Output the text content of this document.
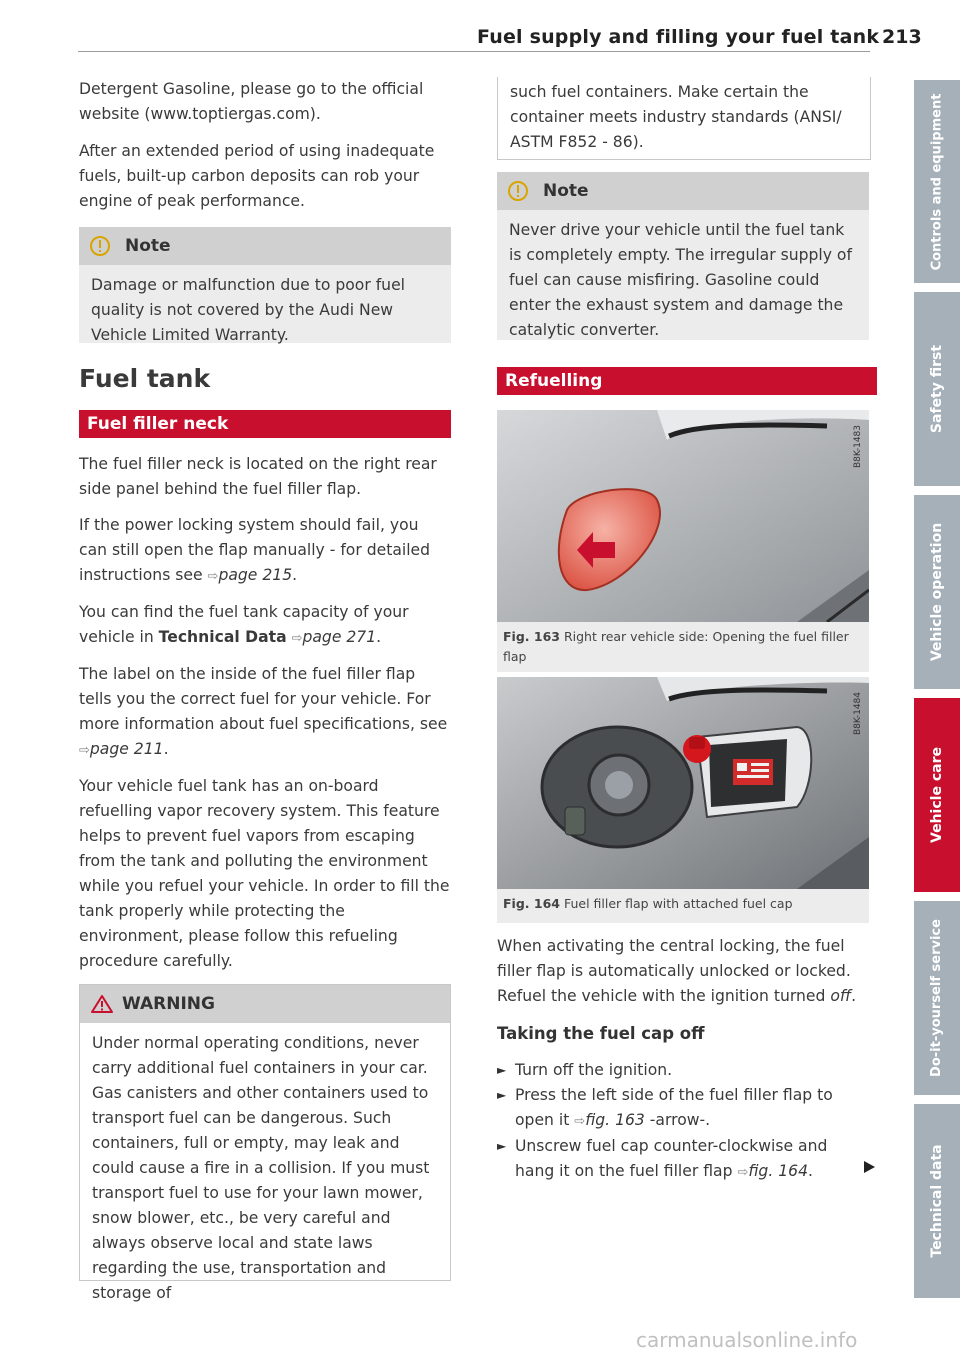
Fuel supply and filling your fuel tank 213

Detergent Gasoline, please go to the official website (www.toptiergas.com).

After an extended period of using inadequate fuels, built-up carbon deposits can rob your engine of peak performance.

Note
Damage or malfunction due to poor fuel quality is not covered by the Audi New Vehicle Limited Warranty.
Fuel tank
Fuel filler neck

The fuel filler neck is located on the right rear side panel behind the fuel filler flap.

If the power locking system should fail, you can still open the flap manually - for detailed instructions see ⇨page 215.

You can find the fuel tank capacity of your vehicle in Technical Data ⇨page 271.

The label on the inside of the fuel filler flap tells you the correct fuel for your vehicle. For more information about fuel specifications, see ⇨page 211.

Your vehicle fuel tank has an on-board refuelling vapor recovery system. This feature helps to prevent fuel vapors from escaping from the tank and polluting the environment while you refuel your vehicle. In order to fill the tank properly while protecting the environment, please follow this refueling procedure carefully.

WARNING
Under normal operating conditions, never carry additional fuel containers in your car. Gas canisters and other containers used to transport fuel can be dangerous. Such containers, full or empty, may leak and could cause a fire in a collision. If you must transport fuel to use for your lawn mower, snow blower, etc., be very careful and always observe local and state laws regarding the use, transportation and storage of
such fuel containers. Make certain the container meets industry standards (ANSI/ ASTM F852 - 86).
Note
Never drive your vehicle until the fuel tank is completely empty. The irregular supply of fuel can cause misfiring. Gasoline could enter the exhaust system and damage the catalytic converter.
Refuelling
B8K-1483
Fig. 163 Right rear vehicle side: Opening the fuel filler flap
B8K-1484
Fig. 164 Fuel filler flap with attached fuel cap
When activating the central locking, the fuel filler flap is automatically unlocked or locked. Refuel the vehicle with the ignition turned off.
Taking the fuel cap off
► Turn off the ignition.
► Press the left side of the fuel filler flap to open it ⇨fig. 163 -arrow-.
► Unscrew fuel cap counter-clockwise and hang it on the fuel filler flap ⇨fig. 164.
Controls and equipment
Safety first
Vehicle operation
Vehicle care
Do-it-yourself service
Technical data
carmanualsonline.info
